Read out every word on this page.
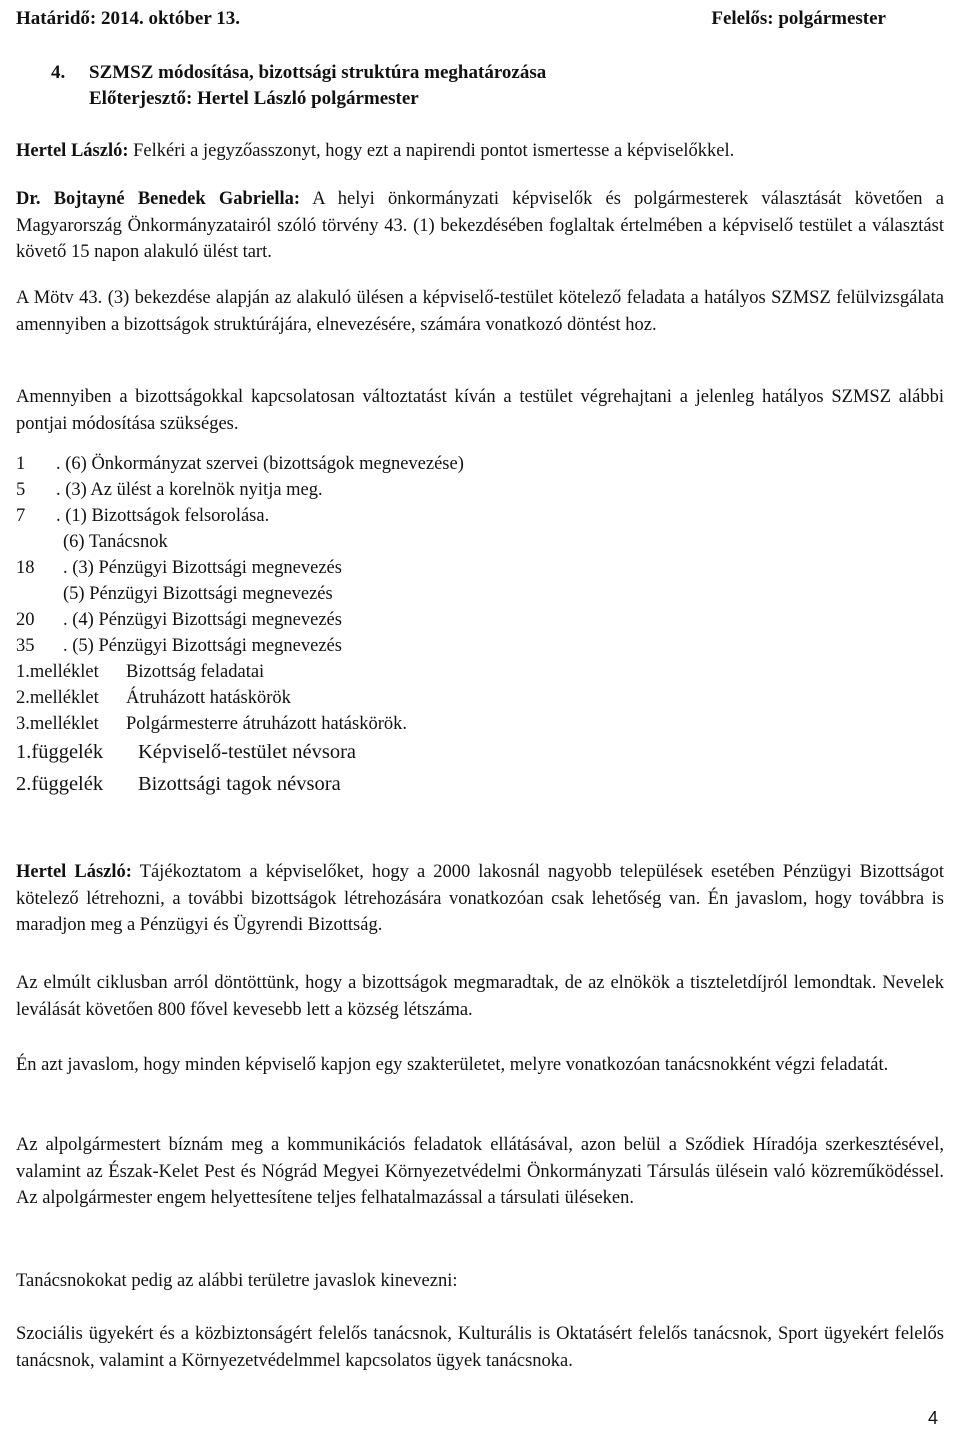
Határidő: 2014. október 13.	Felelős: polgármester
4. SZMSZ módosítása, bizottsági struktúra meghatározása
Előterjesztő: Hertel László polgármester

Hertel László: Felkéri a jegyzőasszonyt, hogy ezt a napirendi pontot ismertesse a képviselőkkel.

Dr. Bojtayné Benedek Gabriella: A helyi önkormányzati képviselők és polgármesterek választását követően a Magyarország Önkormányzatairól szóló törvény 43. (1) bekezdésében foglaltak értelmében a képviselő testület a választást követő 15 napon alakuló ülést tart.

A Mötv 43. (3) bekezdése alapján az alakuló ülésen a képviselő-testület kötelező feladata a hatályos SZMSZ felülvizsgálata amennyiben a bizottságok struktúrájára, elnevezésére, számára vonatkozó döntést hoz.

Amennyiben a bizottságokkal kapcsolatosan változtatást kíván a testület végrehajtani a jelenleg hatályos SZMSZ alábbi pontjai módosítása szükséges.

1 . (6) Önkormányzat szervei (bizottságok megnevezése)
5 . (3) Az ülést a korelnök nyitja meg.
7 . (1) Bizottságok felsorolása.
(6) Tanácsnok
18 . (3) Pénzügyi Bizottsági megnevezés
(5) Pénzügyi Bizottsági megnevezés
20 . (4) Pénzügyi Bizottsági megnevezés
35 . (5) Pénzügyi Bizottsági megnevezés
1.melléklet Bizottság feladatai
2.melléklet Átruházott hatáskörök
3.melléklet Polgármesterre átruházott hatáskörök.
1.függelék Képviselő-testület névsora
2.függelék Bizottsági tagok névsora

Hertel László: Tájékoztatom a képviselőket, hogy a 2000 lakosnál nagyobb települések esetében Pénzügyi Bizottságot kötelező létrehozni, a további bizottságok létrehozására vonatkozóan csak lehetőség van. Én javaslom, hogy továbbra is maradjon meg a Pénzügyi és Ügyrendi Bizottság.

Az elmúlt ciklusban arról döntöttünk, hogy a bizottságok megmaradtak, de az elnökök a tiszteletdíjról lemondtak. Nevelek leválását követően 800 fővel kevesebb lett a község létszáma.

Én azt javaslom, hogy minden képviselő kapjon egy szakterületet, melyre vonatkozóan tanácsnokként végzi feladatát.

Az alpolgármestert bíznám meg a kommunikációs feladatok ellátásával, azon belül a Sződiek Híradója szerkesztésével, valamint az Észak-Kelet Pest és Nógrád Megyei Környezetvédelmi Önkormányzati Társulás ülésein való közreműködéssel. Az alpolgármester engem helyettesítene teljes felhatalmazással a társulati üléseken.

Tanácsnokokat pedig az alábbi területre javaslok kinevezni:

Szociális ügyekért és a közbiztonságért felelős tanácsnok, Kulturális is Oktatásért felelős tanácsnok, Sport ügyekért felelős tanácsnok, valamint a Környezetvédelmmel kapcsolatos ügyek tanácsnoka.

4
